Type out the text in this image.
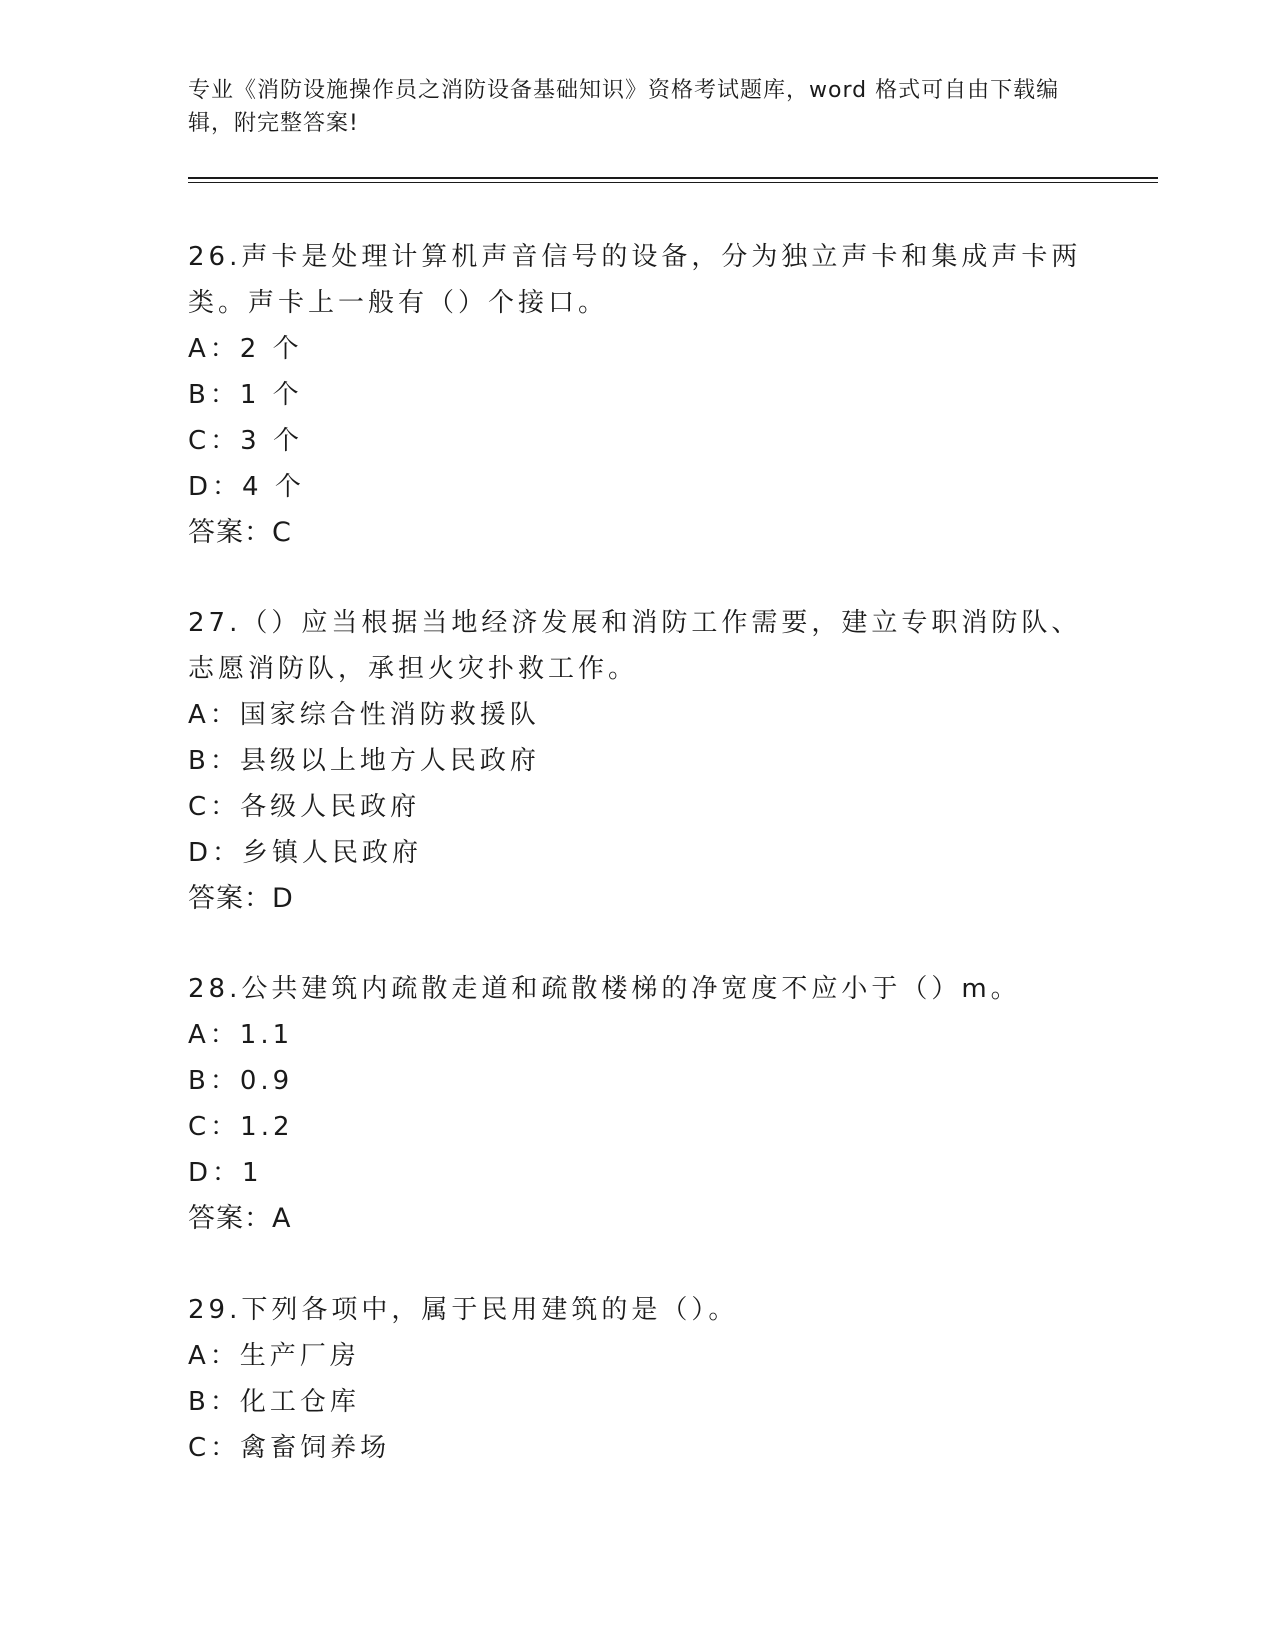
专业《消防设施操作员之消防设备基础知识》资格考试题库，word 格式可自由下载编辑，附完整答案!
26.声卡是处理计算机声音信号的设备，分为独立声卡和集成声卡两类。声卡上一般有（）个接口。
A：2 个
B：1 个
C：3 个
D：4 个
答案：C
27.（）应当根据当地经济发展和消防工作需要，建立专职消防队、志愿消防队，承担火灾扑救工作。
A：国家综合性消防救援队
B：县级以上地方人民政府
C：各级人民政府
D：乡镇人民政府
答案：D
28.公共建筑内疏散走道和疏散楼梯的净宽度不应小于（）m。
A：1.1
B：0.9
C：1.2
D：1
答案：A
29.下列各项中，属于民用建筑的是（）。
A：生产厂房
B：化工仓库
C：禽畜饲养场
